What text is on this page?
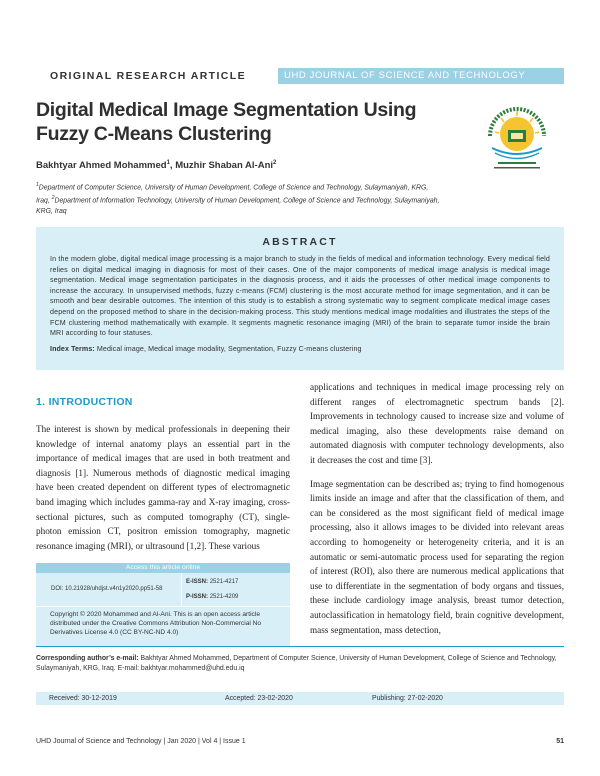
ORIGINAL RESEARCH ARTICLE	UHD JOURNAL OF SCIENCE AND TECHNOLOGY
Digital Medical Image Segmentation Using Fuzzy C-Means Clustering
Bakhtyar Ahmed Mohammed$^1$, Muzhir Shaban Al-Ani$^2$
$^1$Department of Computer Science, University of Human Development, College of Science and Technology, Sulaymaniyah, KRG, Iraq, $^2$Department of Information Technology, University of Human Development, College of Science and Technology, Sulaymaniyah, KRG, Iraq
ABSTRACT

In the modern globe, digital medical image processing is a major branch to study in the fields of medical and information technology. Every medical field relies on digital medical imaging in diagnosis for most of their cases. One of the major components of medical image analysis is medical image segmentation. Medical image segmentation participates in the diagnosis process, and it aids the processes of other medical image components to increase the accuracy. In unsupervised methods, fuzzy c-means (FCM) clustering is the most accurate method for image segmentation, and it can be smooth and bear desirable outcomes. The intention of this study is to establish a strong systematic way to segment complicate medical image cases depend on the proposed method to share in the decision-making process. This study mentions medical image modalities and illustrates the steps of the FCM clustering method mathematically with example. It segments magnetic resonance imaging (MRI) of the brain to separate tumor inside the brain MRI according to four statuses.

Index Terms: Medical image, Medical image modality, Segmentation, Fuzzy C-means clustering

1. INTRODUCTION

The interest is shown by medical professionals in deepening their knowledge of internal anatomy plays an essential part in the importance of medical images that are used in both treatment and diagnosis [1]. Numerous methods of diagnostic medical imaging have been created dependent on different types of electromagnetic band imaging which includes gamma-ray and X-ray imaging, cross-sectional pictures, such as computed tomography (CT), single-photon emission CT, positron emission tomography, magnetic resonance imaging (MRI), or ultrasound [1,2]. These various

applications and techniques in medical image processing rely on different ranges of electromagnetic spectrum bands [2]. Improvements in technology caused to increase size and volume of medical imaging, also these developments raise demand on automated diagnosis with computer technology developments, also it decreases the cost and time [3].

Image segmentation can be described as; trying to find homogenous limits inside an image and after that the classification of them, and can be considered as the most significant field of medical image processing, also it allows images to be divided into relevant areas according to homogeneity or heterogeneity criteria, and it is an automatic or semi-automatic process used for separating the region of interest (ROI), also there are numerous medical applications that use to differentiate in the segmentation of body organs and tissues, these include cardiology image analysis, breast tumor detection, autoclassification in hematology field, brain cognitive development, mass segmentation, mass detection,

Access this article online
DOI: 10.21928/uhdjst.v4n1y2020.pp51-58
E-ISSN: 2521-4217
P-ISSN: 2521-4209
Copyright © 2020 Mohammed and Al-Ani. This is an open access article distributed under the Creative Commons Attribution Non-Commercial No Derivatives License 4.0 (CC BY-NC-ND 4.0)
Corresponding author’s e-mail: Bakhtyar Ahmed Mohammed, Department of Computer Science, University of Human Development, College of Science and Technology, Sulaymaniyah, KRG, Iraq. E-mail: bakhtyar.mohammed@uhd.edu.iq
Received: 30-12-2019	Accepted: 23-02-2020	Publishing: 27-02-2020
UHD Journal of Science and Technology | Jan 2020 | Vol 4 | Issue 1	51
